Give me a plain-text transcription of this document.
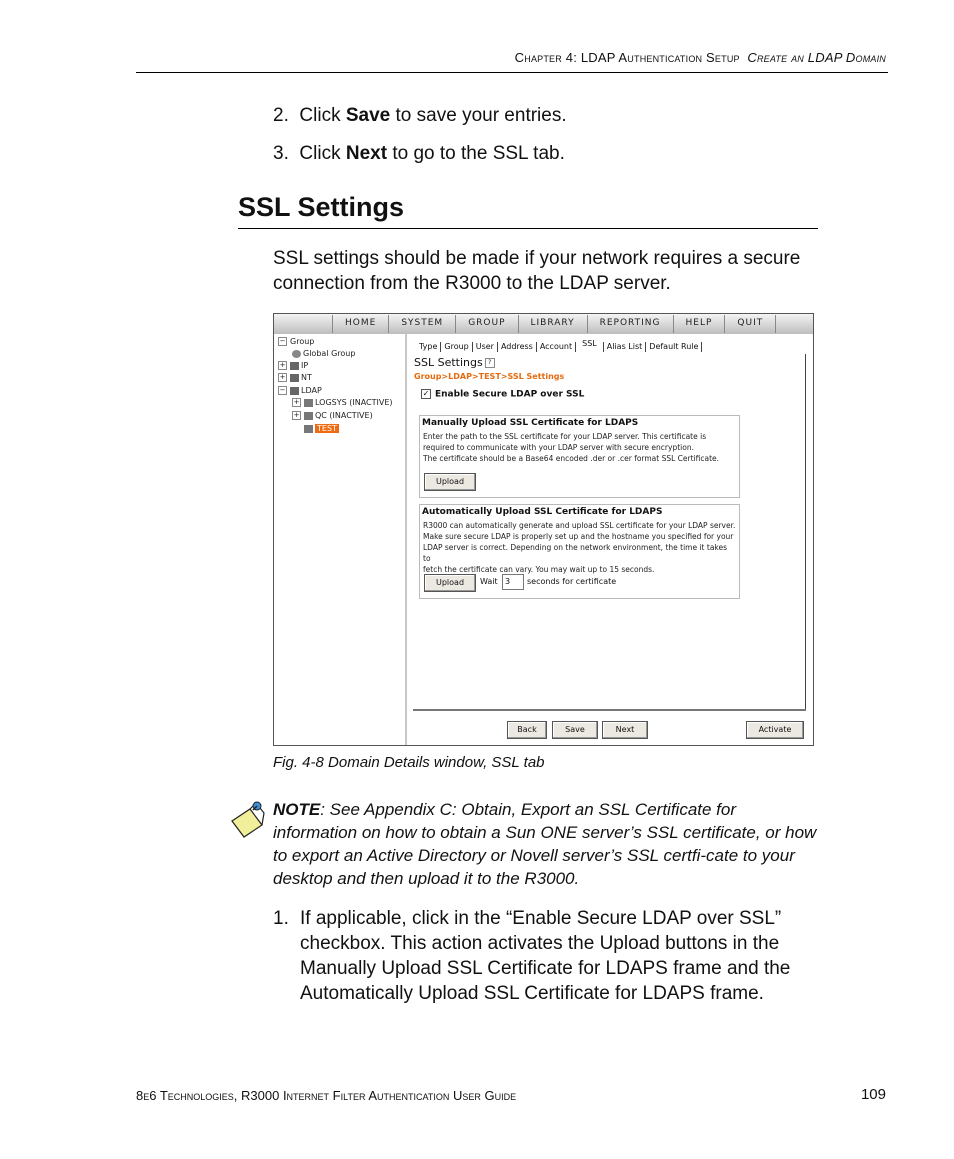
Chapter 4: LDAP Authentication Setup Create an LDAP Domain
2. Click Save to save your entries.
3. Click Next to go to the SSL tab.
SSL Settings
SSL settings should be made if your network requires a secure connection from the R3000 to the LDAP server.
HOME	SYSTEM	GROUP	LIBRARY	REPORTING	HELP	QUIT
− Group
Global Group
+ IP
+ NT
− LDAP
+ LOGSYS (INACTIVE)
+ QC (INACTIVE)
TEST
Type Group User Address Account	SSL	Alias List Default Rule
SSL Settings ?
Group>LDAP>TEST>SSL Settings
✓ Enable Secure LDAP over SSL
Manually Upload SSL Certificate for LDAPS
Enter the path to the SSL certificate for your LDAP server. This certificate is
required to communicate with your LDAP server with secure encryption.
The certificate should be a Base64 encoded .der or .cer format SSL Certificate.
Upload
Automatically Upload SSL Certificate for LDAPS
R3000 can automatically generate and upload SSL certificate for your LDAP server.
Make sure secure LDAP is properly set up and the hostname you specified for your
LDAP server is correct. Depending on the network environment, the time it takes to
fetch the certificate can vary. You may wait up to 15 seconds.
Upload	Wait 3	seconds for certificate
Back	Save	Next	Activate
Fig. 4-8 Domain Details window, SSL tab
NOTE: See Appendix C: Obtain, Export an SSL Certificate for information on how to obtain a Sun ONE server’s SSL certificate, or how to export an Active Directory or Novell server’s SSL certfi-cate to your desktop and then upload it to the R3000.
1. If applicable, click in the “Enable Secure LDAP over SSL” checkbox. This action activates the Upload buttons in the Manually Upload SSL Certificate for LDAPS frame and the Automatically Upload SSL Certificate for LDAPS frame.
8e6 Technologies, R3000 Internet Filter Authentication User Guide	109
